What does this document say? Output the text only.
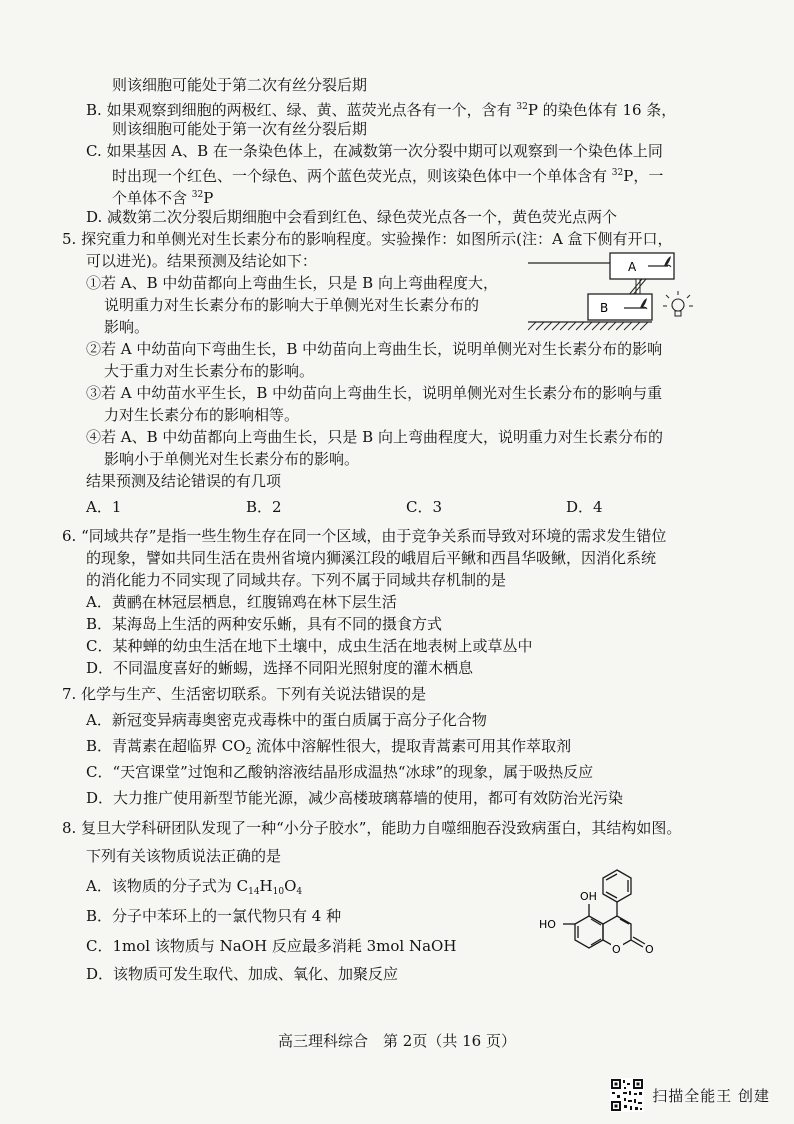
则该细胞可能处于第二次有丝分裂后期
B. 如果观察到细胞的两极红、绿、黄、蓝荧光点各有一个，含有 $^{32}$P 的染色体有 16 条，
则该细胞可能处于第一次有丝分裂后期
C. 如果基因 A、B 在一条染色体上，在减数第一次分裂中期可以观察到一个染色体上同
时出现一个红色、一个绿色、两个蓝色荧光点，则该染色体中一个单体含有 $^{32}$P，一
个单体不含 $^{32}$P
D. 减数第二次分裂后期细胞中会看到红色、绿色荧光点各一个，黄色荧光点两个
5. 探究重力和单侧光对生长素分布的影响程度。实验操作：如图所示(注：A 盒下侧有开口，
可以进光)。结果预测及结论如下：
①若 A、B 中幼苗都向上弯曲生长，只是 B 向上弯曲程度大，
说明重力对生长素分布的影响大于单侧光对生长素分布的
影响。
A
B
②若 A 中幼苗向下弯曲生长，B 中幼苗向上弯曲生长，说明单侧光对生长素分布的影响
大于重力对生长素分布的影响。
③若 A 中幼苗水平生长，B 中幼苗向上弯曲生长，说明单侧光对生长素分布的影响与重
力对生长素分布的影响相等。
④若 A、B 中幼苗都向上弯曲生长，只是 B 向上弯曲程度大，说明重力对生长素分布的
影响小于单侧光对生长素分布的影响。
结果预测及结论错误的有几项
A．1	B．2	C．3	D．4
6. “同域共存”是指一些生物生存在同一个区域，由于竞争关系而导致对环境的需求发生错位
的现象，譬如共同生活在贵州省境内狮溪江段的峨眉后平鳅和西昌华吸鳅，因消化系统
的消化能力不同实现了同域共存。下列不属于同域共存机制的是
A．黄鹂在林冠层栖息，红腹锦鸡在林下层生活
B．某海岛上生活的两种安乐蜥，具有不同的摄食方式
C．某种蝉的幼虫生活在地下土壤中，成虫生活在地表树上或草丛中
D．不同温度喜好的蜥蜴，选择不同阳光照射度的灌木栖息
7. 化学与生产、生活密切联系。下列有关说法错误的是
A．新冠变异病毒奥密克戎毒株中的蛋白质属于高分子化合物
B．青蒿素在超临界 $CO_2$ 流体中溶解性很大，提取青蒿素可用其作萃取剂
C．“天宫课堂”过饱和乙酸钠溶液结晶形成温热“冰球”的现象，属于吸热反应
D．大力推广使用新型节能光源，减少高楼玻璃幕墙的使用，都可有效防治光污染
8. 复旦大学科研团队发现了一种“小分子胶水”，能助力自噬细胞吞没致病蛋白，其结构如图。
下列有关该物质说法正确的是
A．该物质的分子式为 $C_{14}H_{10}O_4$
B．分子中苯环上的一氯代物只有 4 种
C．1mol 该物质与 NaOH 反应最多消耗 3mol NaOH
D．该物质可发生取代、加成、氧化、加聚反应
O O
OH
HO
高三理科综合　第 2页（共 16 页）
扫描全能王 创建
